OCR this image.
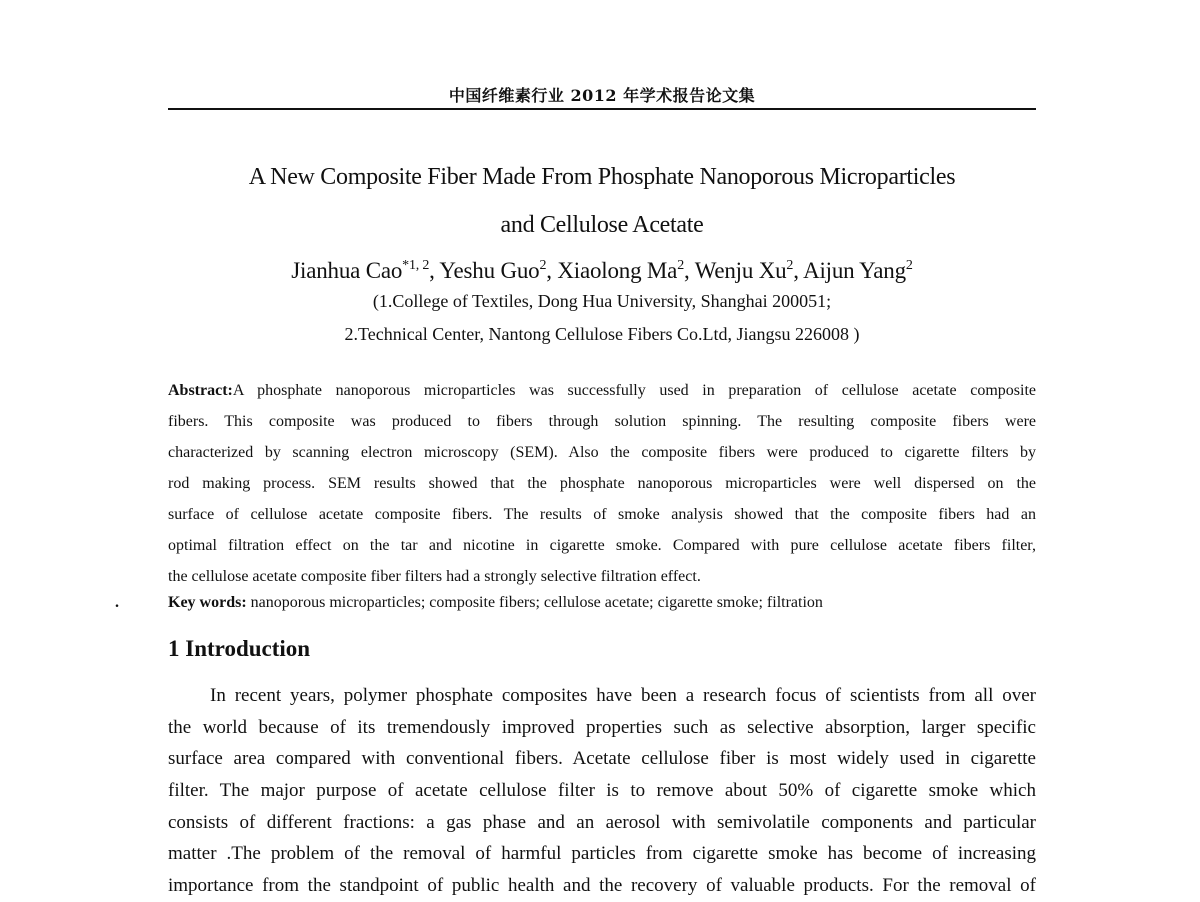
中国纤维素行业 2012 年学术报告论文集
A New Composite Fiber Made From Phosphate Nanoporous Microparticles
and Cellulose Acetate
Jianhua Cao$^{*1, 2}$, Yeshu Guo$^2$, Xiaolong Ma$^2$, Wenju Xu$^2$, Aijun Yang$^2$
(1.College of Textiles, Dong Hua University, Shanghai 200051;
2.Technical Center, Nantong Cellulose Fibers Co.Ltd, Jiangsu 226008 )
Abstract:A phosphate nanoporous microparticles was successfully used in preparation of cellulose acetate composite
fibers. This composite was produced to fibers through solution spinning. The resulting composite fibers were
characterized by scanning electron microscopy (SEM). Also the composite fibers were produced to cigarette filters by
rod making process. SEM results showed that the phosphate nanoporous microparticles were well dispersed on the
surface of cellulose acetate composite fibers. The results of smoke analysis showed that the composite fibers had an
optimal filtration effect on the tar and nicotine in cigarette smoke. Compared with pure cellulose acetate fibers filter,
the cellulose acetate composite fiber filters had a strongly selective filtration effect.
.	Key words: nanoporous microparticles; composite fibers; cellulose acetate; cigarette smoke; filtration
1 Introduction
In recent years, polymer phosphate composites have been a research focus of scientists from all over
the world because of its tremendously improved properties such as selective absorption, larger specific
surface area compared with conventional fibers. Acetate cellulose fiber is most widely used in cigarette
filter. The major purpose of acetate cellulose filter is to remove about 50% of cigarette smoke which
consists of different fractions: a gas phase and an aerosol with semivolatile components and particular
matter .The problem of the removal of harmful particles from cigarette smoke has become of increasing
importance from the standpoint of public health and the recovery of valuable products. For the removal of
